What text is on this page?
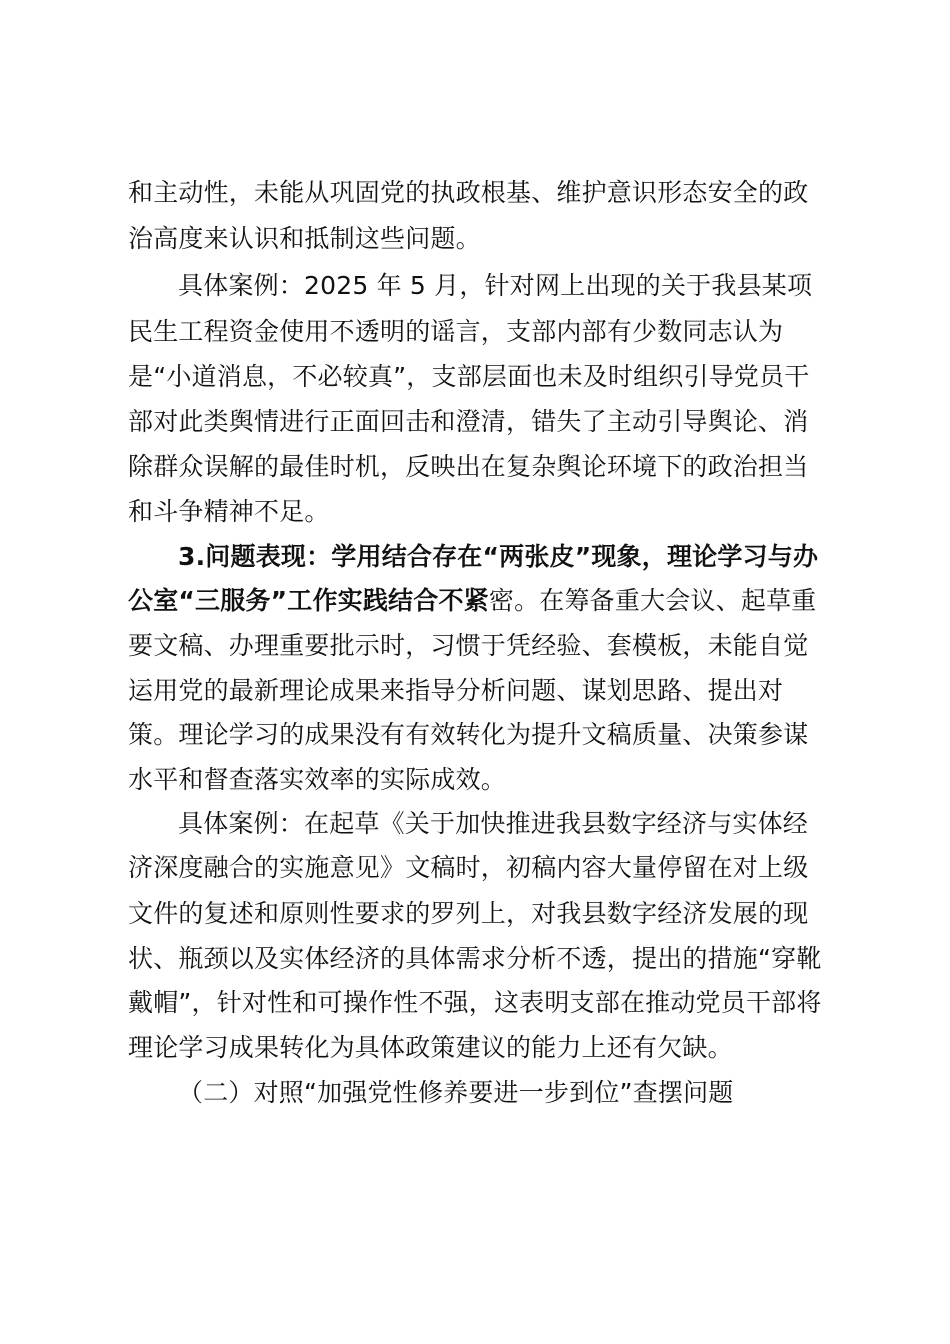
和主动性，未能从巩固党的执政根基、维护意识形态安全的政
治高度来认识和抵制这些问题。
具体案例：2025 年 5 月，针对网上出现的关于我县某项
民生工程资金使用不透明的谣言，支部内部有少数同志认为
是“小道消息，不必较真”，支部层面也未及时组织引导党员干
部对此类舆情进行正面回击和澄清，错失了主动引导舆论、消
除群众误解的最佳时机，反映出在复杂舆论环境下的政治担当
和斗争精神不足。
3.问题表现：学用结合存在“两张皮”现象，理论学习与办
公室“三服务”工作实践结合不紧密。在筹备重大会议、起草重
要文稿、办理重要批示时，习惯于凭经验、套模板，未能自觉
运用党的最新理论成果来指导分析问题、谋划思路、提出对
策。理论学习的成果没有有效转化为提升文稿质量、决策参谋
水平和督查落实效率的实际成效。
具体案例：在起草《关于加快推进我县数字经济与实体经
济深度融合的实施意见》文稿时，初稿内容大量停留在对上级
文件的复述和原则性要求的罗列上，对我县数字经济发展的现
状、瓶颈以及实体经济的具体需求分析不透，提出的措施“穿靴
戴帽”，针对性和可操作性不强，这表明支部在推动党员干部将
理论学习成果转化为具体政策建议的能力上还有欠缺。
（二）对照“加强党性修养要进一步到位”查摆问题
